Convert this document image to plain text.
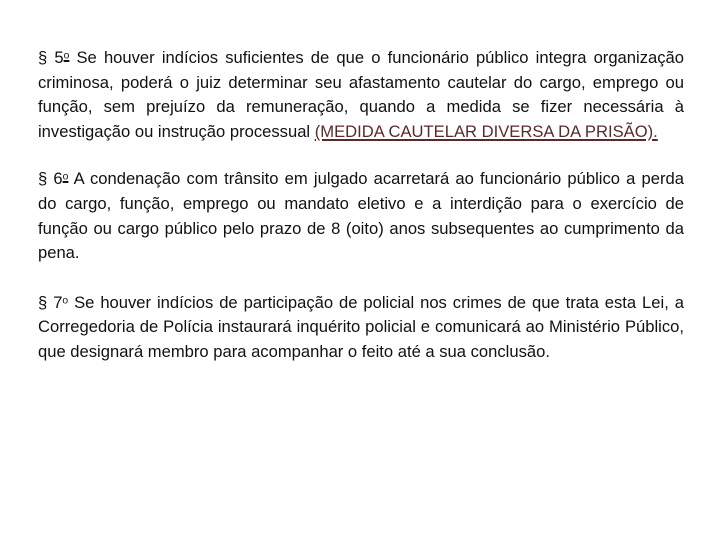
§ 5$^o$ Se houver indícios suficientes de que o funcionário público integra organização criminosa, poderá o juiz determinar seu afastamento cautelar do cargo, emprego ou função, sem prejuízo da remuneração, quando a medida se fizer necessária à investigação ou instrução processual (MEDIDA CAUTELAR DIVERSA DA PRISÃO).

§ 6$^o$ A condenação com trânsito em julgado acarretará ao funcionário público a perda do cargo, função, emprego ou mandato eletivo e a interdição para o exercício de função ou cargo público pelo prazo de 8 (oito) anos subsequentes ao cumprimento da pena.

§ 7$^o$ Se houver indícios de participação de policial nos crimes de que trata esta Lei, a Corregedoria de Polícia instaurará inquérito policial e comunicará ao Ministério Público, que designará membro para acompanhar o feito até a sua conclusão.
